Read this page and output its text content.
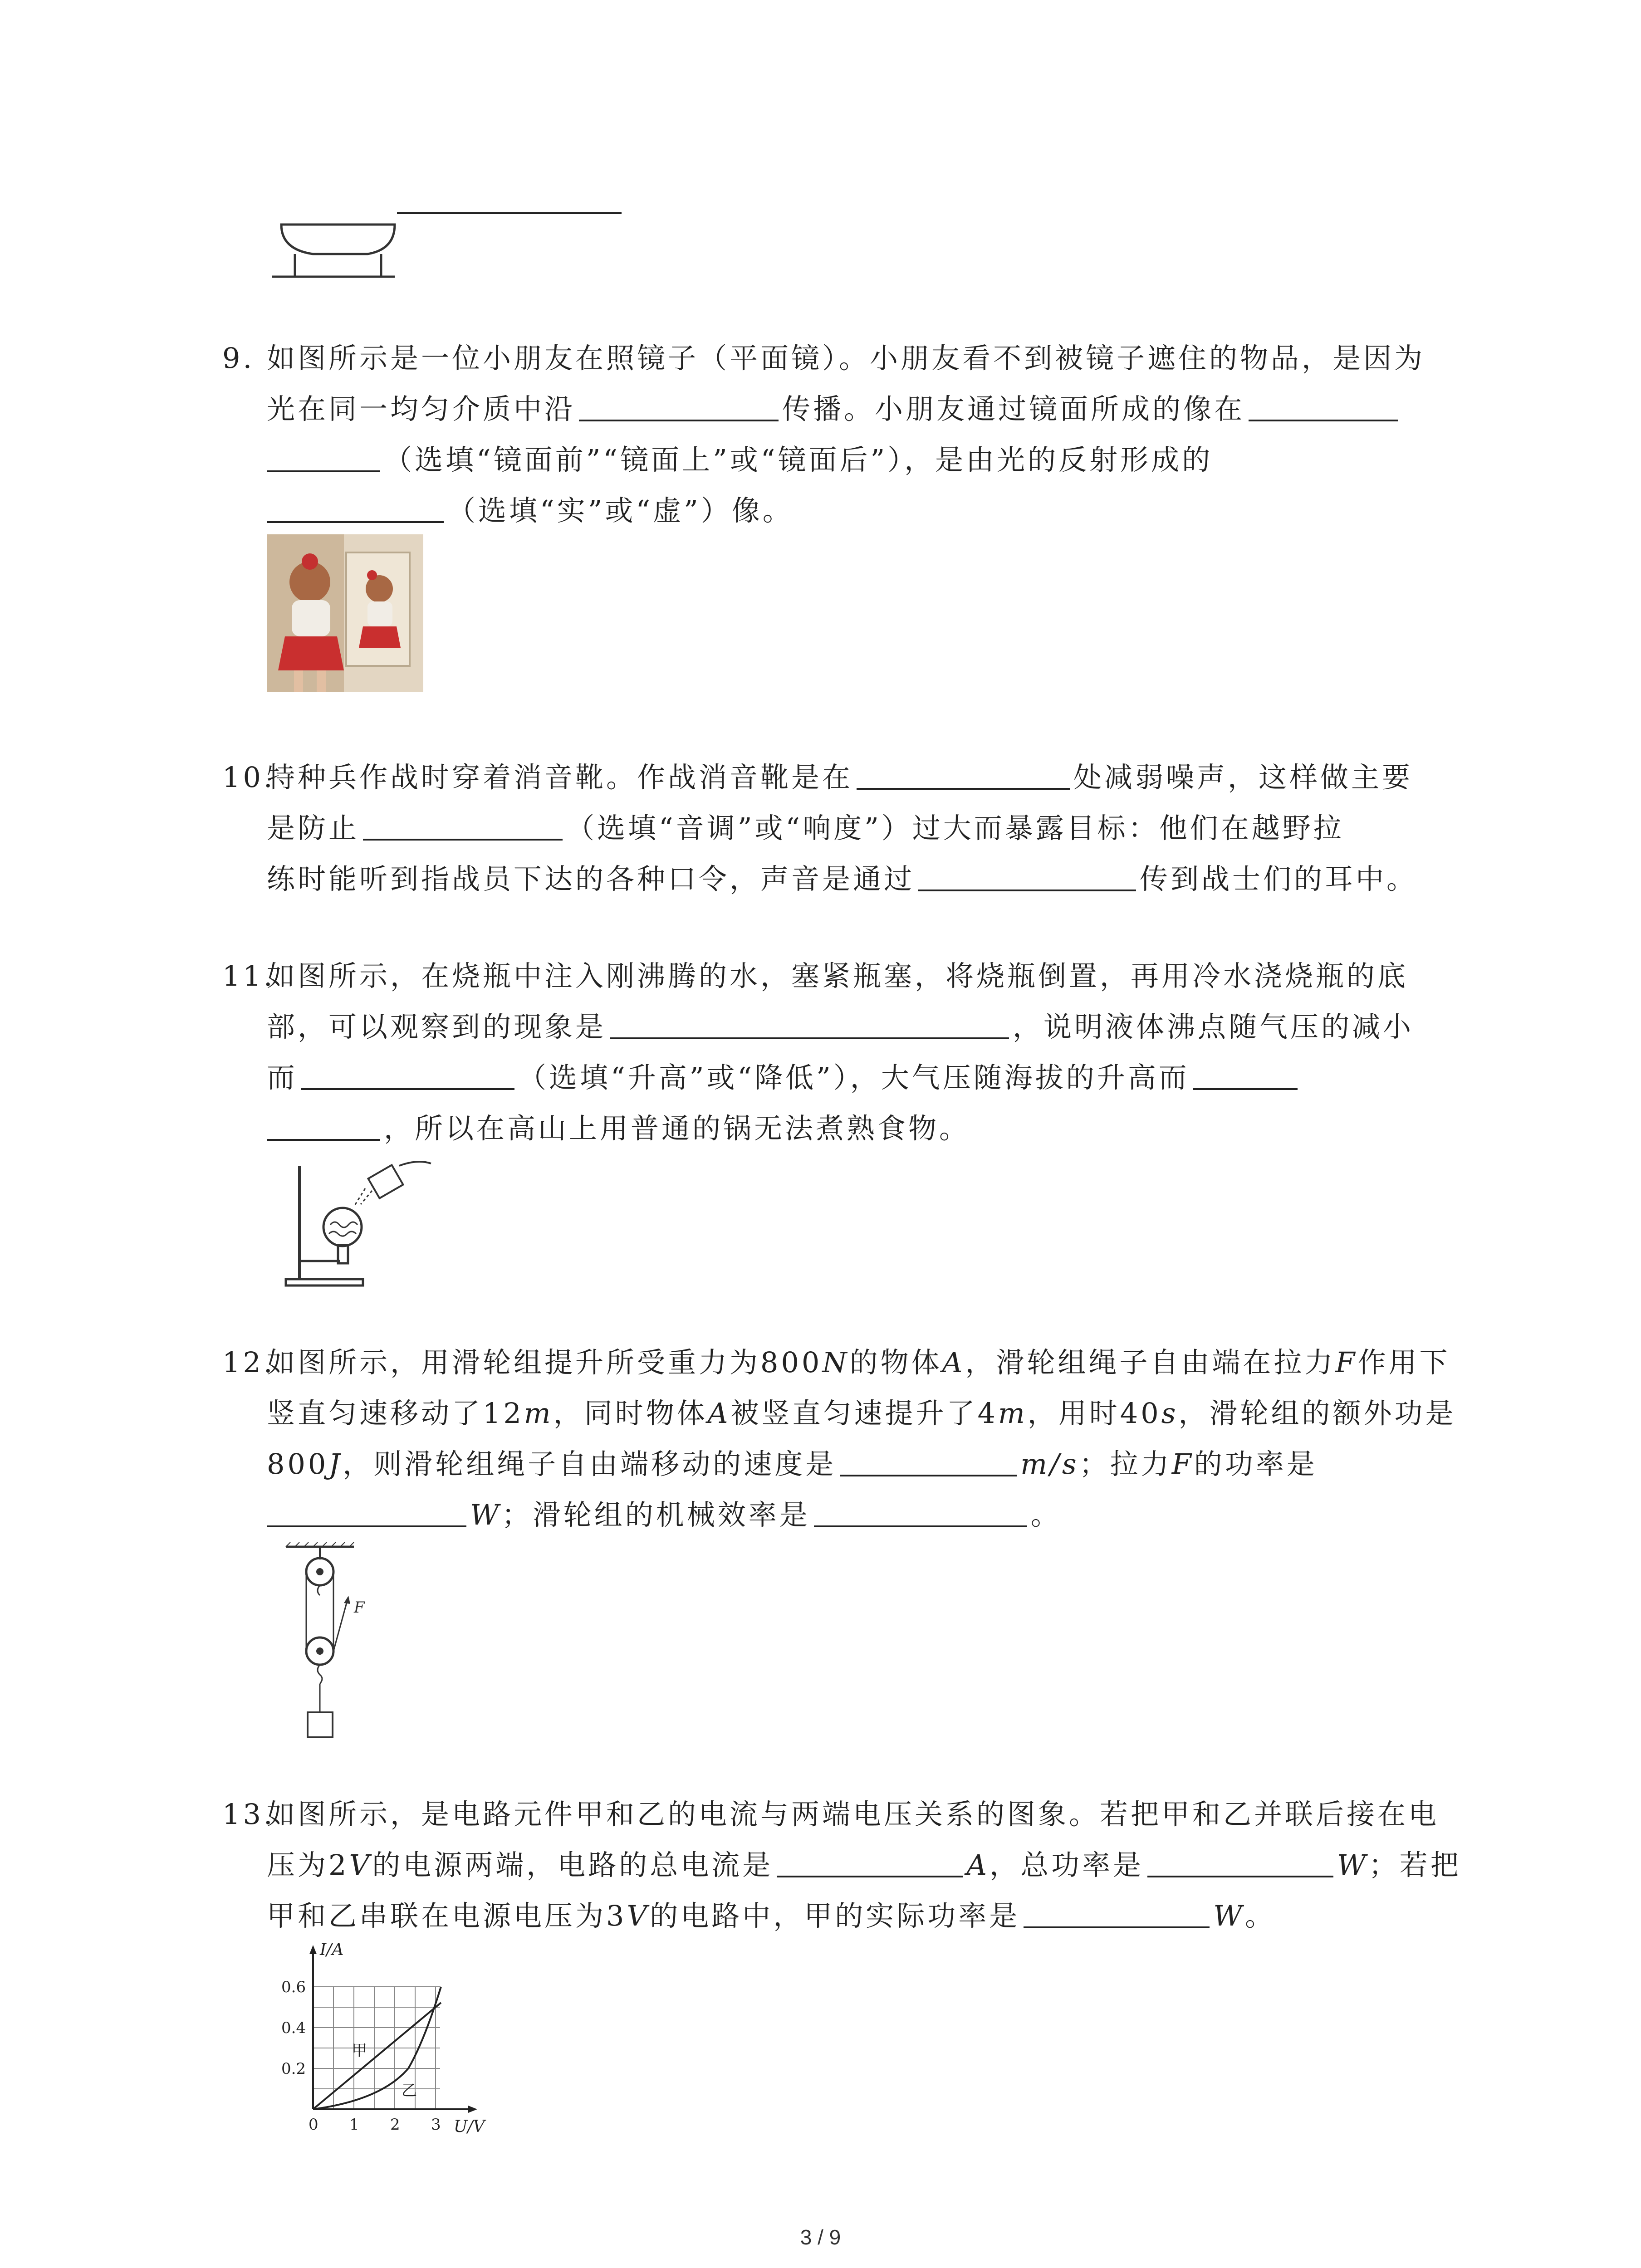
9. 如图所示是一位小朋友在照镜子（平面镜）。小朋友看不到被镜子遮住的物品，是因为
光在同一均匀介质中沿	传播。小朋友通过镜面所成的像在
（选填“镜面前”“镜面上”或“镜面后”），是由光的反射形成的
（选填“实”或“虚”）像。
10.
特种兵作战时穿着消音靴。作战消音靴是在	处减弱噪声，这样做主要
是防止	（选填“音调”或“响度”）过大而暴露目标：他们在越野拉
练时能听到指战员下达的各种口令，声音是通过	传到战士们的耳中。
11.
如图所示，在烧瓶中注入刚沸腾的水，塞紧瓶塞，将烧瓶倒置，再用冷水浇烧瓶的底
部，可以观察到的现象是	，说明液体沸点随气压的减小
而	（选填“升高”或“降低”），大气压随海拔的升高而
，所以在高山上用普通的锅无法煮熟食物。
12.
如图所示，用滑轮组提升所受重力为800N的物体A，滑轮组绳子自由端在拉力F作用下
竖直匀速移动了12m，同时物体A被竖直匀速提升了4m，用时40s，滑轮组的额外功是
800J，则滑轮组绳子自由端移动的速度是	m/s；拉力F的功率是
W；滑轮组的机械效率是	。
F
13.
如图所示，是电路元件甲和乙的电流与两端电压关系的图象。若把甲和乙并联后接在电
压为2V的电源两端，电路的总电流是	A，总功率是	W；若把
甲和乙串联在电源电压为3V的电路中，甲的实际功率是	W。
甲
乙
I/A
U/V
0.6
0.4
0.2
0 1 2 3
3 / 9
